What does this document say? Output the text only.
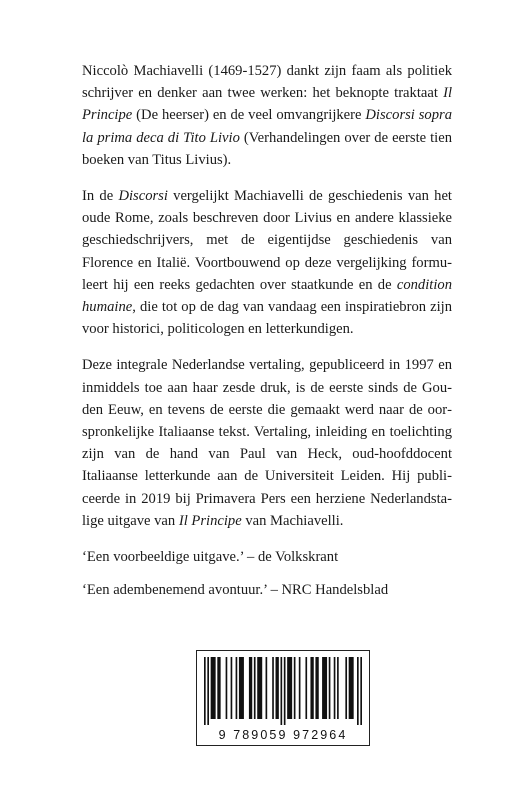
Niccolò Machiavelli (1469-1527) dankt zijn faam als politiek schrijver en denker aan twee werken: het beknopte traktaat Il Principe (De heerser) en de veel omvangrijkere Discorsi sopra la prima deca di Tito Livio (Verhandelingen over de eerste tien boeken van Titus Livius).

In de Discorsi vergelijkt Machiavelli de geschiedenis van het oude Rome, zoals beschreven door Livius en andere klassieke geschiedschrijvers, met de eigentijdse geschiedenis van Florence en Italië. Voortbouwend op deze vergelijking formuleert hij een reeks gedachten over staatkunde en de condition humaine, die tot op de dag van vandaag een inspiratiebron zijn voor historici, politicologen en letterkundigen.

Deze integrale Nederlandse vertaling, gepubliceerd in 1997 en inmiddels toe aan haar zesde druk, is de eerste sinds de Gouden Eeuw, en tevens de eerste die gemaakt werd naar de oorspronkelijke Italiaanse tekst. Vertaling, inleiding en toelichting zijn van de hand van Paul van Heck, oud-hoofddocent Italiaanse letterkunde aan de Universiteit Leiden. Hij publiceerde in 2019 bij Primavera Pers een herziene Nederlandstalige uitgave van Il Principe van Machiavelli.

‘Een voorbeeldige uitgave.’ – de Volkskrant

‘Een adembenemend avontuur.’ – NRC Handelsblad

9 789059 972964
